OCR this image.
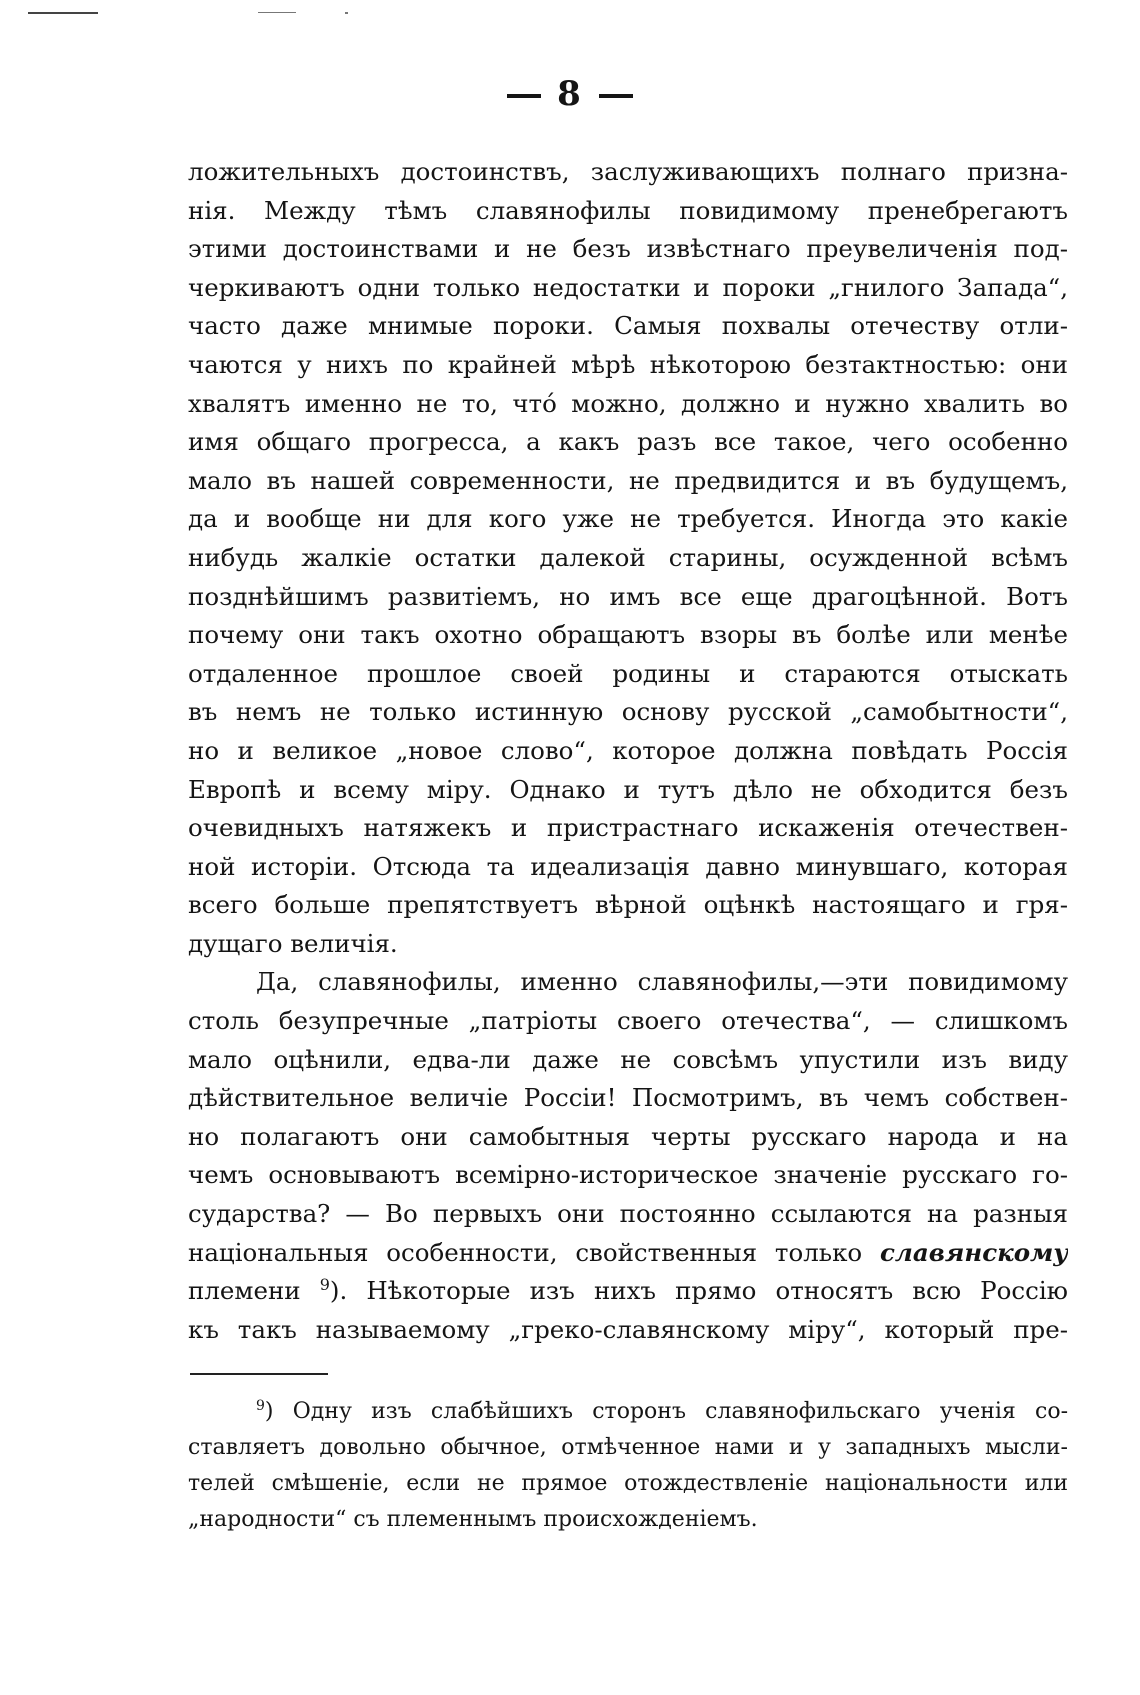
8
ложительныхъ достоинствъ, заслуживающихъ полнаго призна-
нія. Между тѣмъ славянофилы повидимому пренебрегаютъ
этими достоинствами и не безъ извѣстнаго преувеличенія под-
черкиваютъ одни только недостатки и пороки „гнилого Запада“,
часто даже мнимые пороки. Самыя похвалы отечеству отли-
чаются у нихъ по крайней мѣрѣ нѣкоторою безтактностью: они
хвалятъ именно не то, что́ можно, должно и нужно хвалить во
имя общаго прогресса, а какъ разъ все такое, чего особенно
мало въ нашей современности, не предвидится и въ будущемъ,
да и вообще ни для кого уже не требуется. Иногда это какіе
нибудь жалкіе остатки далекой старины, осужденной всѣмъ
позднѣйшимъ развитіемъ, но имъ все еще драгоцѣнной. Вотъ
почему они такъ охотно обращаютъ взоры въ болѣе или менѣе
отдаленное прошлое своей родины и стараются отыскать
въ немъ не только истинную основу русской „самобытности“,
но и великое „новое слово“, которое должна повѣдать Россія
Европѣ и всему міру. Однако и тутъ дѣло не обходится безъ
очевидныхъ натяжекъ и пристрастнаго искаженія отечествен-
ной исторіи. Отсюда та идеализація давно минувшаго, которая
всего больше препятствуетъ вѣрной оцѣнкѣ настоящаго и гря-
дущаго величія.
Да, славянофилы, именно славянофилы,—эти повидимому
столь безупречные „патріоты своего отечества“, — слишкомъ
мало оцѣнили, едва-ли даже не совсѣмъ упустили изъ виду
дѣйствительное величіе Россіи! Посмотримъ, въ чемъ собствен-
но полагаютъ они самобытныя черты русскаго народа и на
чемъ основываютъ всемірно-историческое значеніе русскаго го-
сударства? — Во первыхъ они постоянно ссылаются на разныя
національныя особенности, свойственныя только славянскому
племени $^9$). Нѣкоторые изъ нихъ прямо относятъ всю Россію
къ такъ называемому „греко-славянскому міру“, который пре-
$^9$) Одну изъ слабѣйшихъ сторонъ славянофильскаго ученія со-
ставляетъ довольно обычное, отмѣченное нами и у западныхъ мысли-
телей смѣшеніе, если не прямое отождествленіе національности или
„народности“ съ племеннымъ происхожденіемъ.
